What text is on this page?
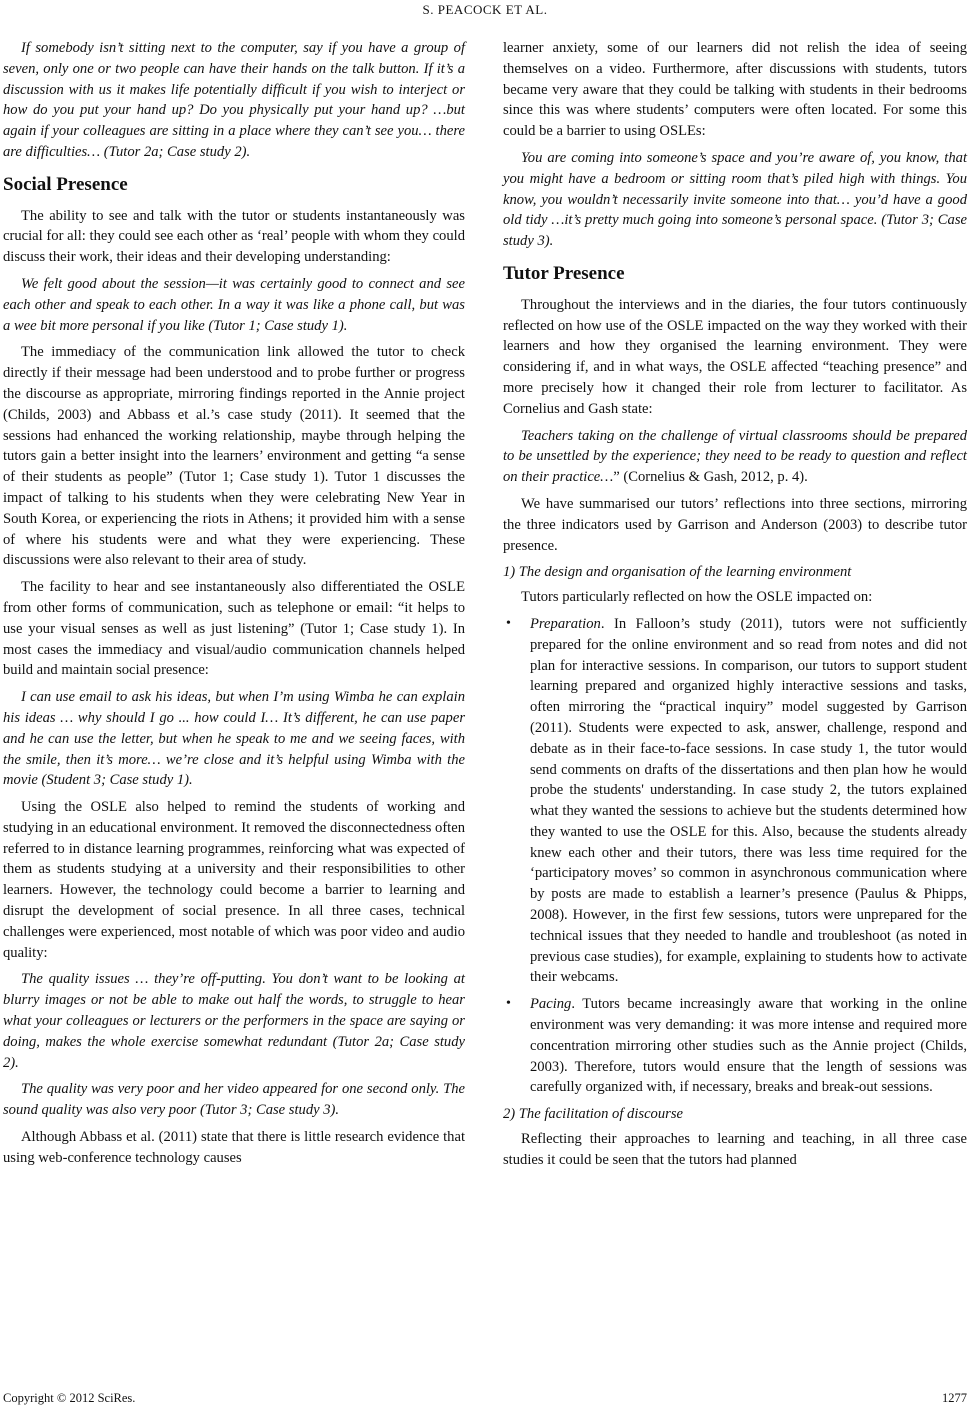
S. PEACOCK ET AL.

If somebody isn’t sitting next to the computer, say if you have a group of seven, only one or two people can have their hands on the talk button. If it’s a discussion with us it makes life potentially difficult if you wish to interject or how do you put your hand up? Do you physically put your hand up? …but again if your colleagues are sitting in a place where they can’t see you… there are difficulties… (Tutor 2a; Case study 2).

Social Presence

The ability to see and talk with the tutor or students instantaneously was crucial for all: they could see each other as ‘real’ people with whom they could discuss their work, their ideas and their developing understanding:

We felt good about the session—it was certainly good to connect and see each other and speak to each other. In a way it was like a phone call, but was a wee bit more personal if you like (Tutor 1; Case study 1).

The immediacy of the communication link allowed the tutor to check directly if their message had been understood and to probe further or progress the discourse as appropriate, mirroring findings reported in the Annie project (Childs, 2003) and Abbass et al.’s case study (2011). It seemed that the sessions had enhanced the working relationship, maybe through helping the tutors gain a better insight into the learners’ environment and getting “a sense of their students as people” (Tutor 1; Case study 1). Tutor 1 discusses the impact of talking to his students when they were celebrating New Year in South Korea, or experiencing the riots in Athens; it provided him with a sense of where his students were and what they were experiencing. These discussions were also relevant to their area of study.

The facility to hear and see instantaneously also differentiated the OSLE from other forms of communication, such as telephone or email: “it helps to use your visual senses as well as just listening” (Tutor 1; Case study 1). In most cases the immediacy and visual/audio communication channels helped build and maintain social presence:

I can use email to ask his ideas, but when I’m using Wimba he can explain his ideas … why should I go ... how could I… It’s different, he can use paper and he can use the letter, but when he speak to me and we seeing faces, with the smile, then it’s more… we’re close and it’s helpful using Wimba with the movie (Student 3; Case study 1).

Using the OSLE also helped to remind the students of working and studying in an educational environment. It removed the disconnectedness often referred to in distance learning programmes, reinforcing what was expected of them as students studying at a university and their responsibilities to other learners. However, the technology could become a barrier to learning and disrupt the development of social presence. In all three cases, technical challenges were experienced, most notable of which was poor video and audio quality:

The quality issues … they’re off-putting. You don’t want to be looking at blurry images or not be able to make out half the words, to struggle to hear what your colleagues or lecturers or the performers in the space are saying or doing, makes the whole exercise somewhat redundant (Tutor 2a; Case study 2).

The quality was very poor and her video appeared for one second only. The sound quality was also very poor (Tutor 3; Case study 3).

Although Abbass et al. (2011) state that there is little research evidence that using web-conference technology causes

learner anxiety, some of our learners did not relish the idea of seeing themselves on a video. Furthermore, after discussions with students, tutors became very aware that they could be talking with students in their bedrooms since this was where students’ computers were often located. For some this could be a barrier to using OSLEs:

You are coming into someone’s space and you’re aware of, you know, that you might have a bedroom or sitting room that’s piled high with things. You know, you wouldn’t necessarily invite someone into that… you’d have a good old tidy …it’s pretty much going into someone’s personal space. (Tutor 3; Case study 3).

Tutor Presence

Throughout the interviews and in the diaries, the four tutors continuously reflected on how use of the OSLE impacted on the way they worked with their learners and how they organised the learning environment. They were considering if, and in what ways, the OSLE affected “teaching presence” and more precisely how it changed their role from lecturer to facilitator. As Cornelius and Gash state:

Teachers taking on the challenge of virtual classrooms should be prepared to be unsettled by the experience; they need to be ready to question and reflect on their practice…” (Cornelius & Gash, 2012, p. 4).

We have summarised our tutors’ reflections into three sections, mirroring the three indicators used by Garrison and Anderson (2003) to describe tutor presence.

1) The design and organisation of the learning environment

Tutors particularly reflected on how the OSLE impacted on:

• Preparation. In Falloon’s study (2011), tutors were not sufficiently prepared for the online environment and so read from notes and did not plan for interactive sessions. In comparison, our tutors to support student learning prepared and organized highly interactive sessions and tasks, often mirroring the “practical inquiry” model suggested by Garrison (2011). Students were expected to ask, answer, challenge, respond and debate as in their face-to-face sessions. In case study 1, the tutor would send comments on drafts of the dissertations and then plan how he would probe the students' understanding. In case study 2, the tutors explained what they wanted the sessions to achieve but the students determined how they wanted to use the OSLE for this. Also, because the students already knew each other and their tutors, there was less time required for the ‘participatory moves’ so common in asynchronous communication where by posts are made to establish a learner’s presence (Paulus & Phipps, 2008). However, in the first few sessions, tutors were unprepared for the technical issues that they needed to handle and troubleshoot (as noted in previous case studies), for example, explaining to students how to activate their webcams.
• Pacing. Tutors became increasingly aware that working in the online environment was very demanding: it was more intense and required more concentration mirroring other studies such as the Annie project (Childs, 2003). Therefore, tutors would ensure that the length of sessions was carefully organized with, if necessary, breaks and break-out sessions.

2) The facilitation of discourse

Reflecting their approaches to learning and teaching, in all three case studies it could be seen that the tutors had planned

Copyright © 2012 SciRes.	1277
